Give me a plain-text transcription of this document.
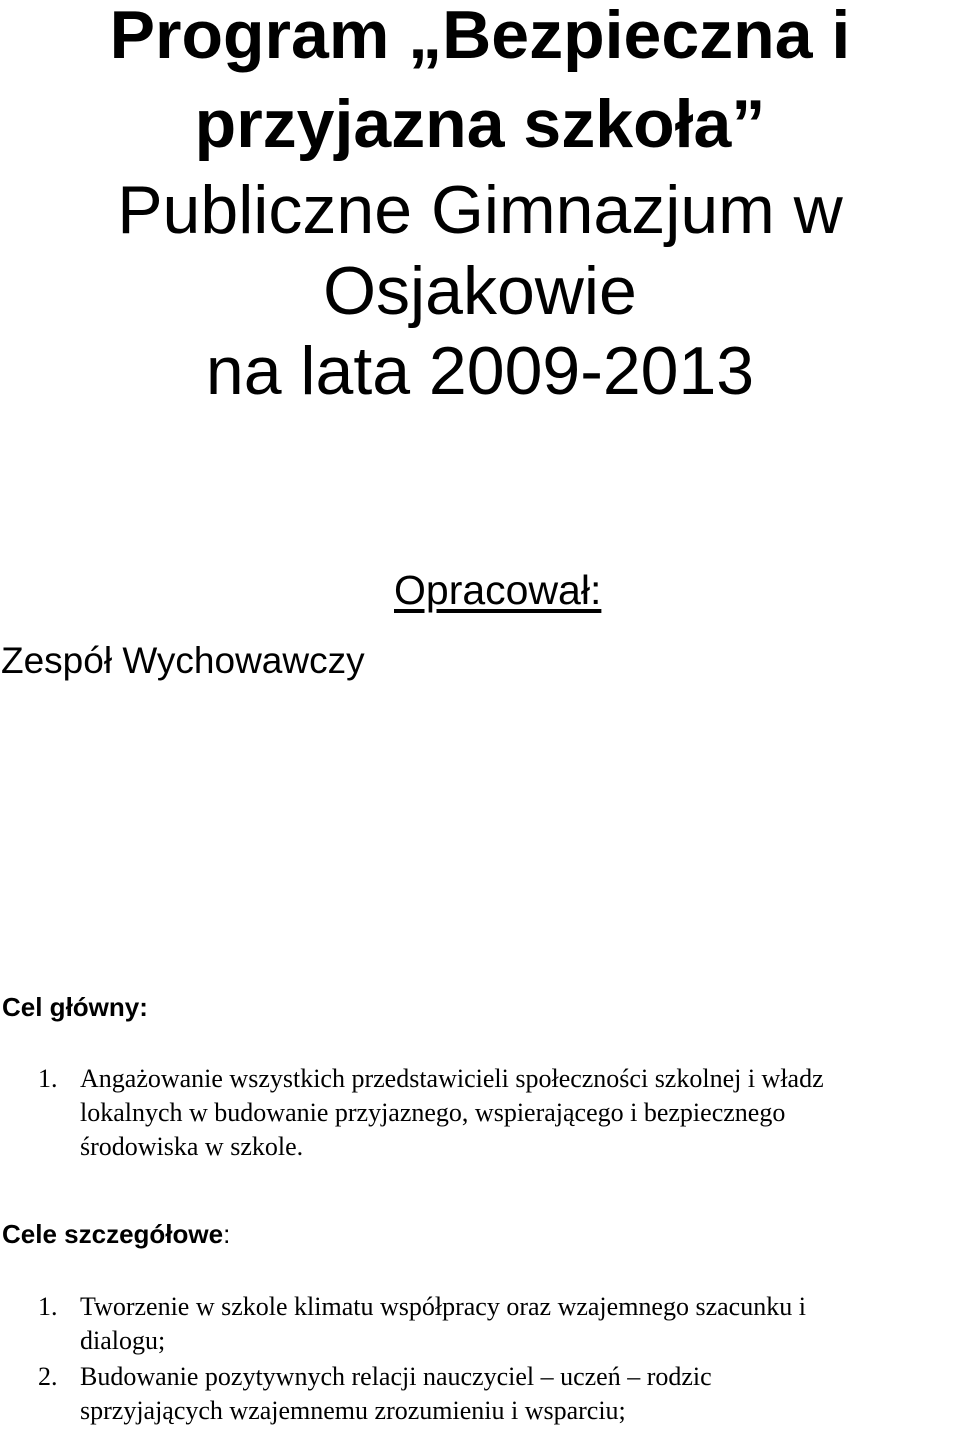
Program „Bezpieczna i
przyjazna szkoła”
Publiczne Gimnazjum w
Osjakowie
na lata 2009-2013
Opracował:
Zespół Wychowawczy
Cel główny:
1. Angażowanie wszystkich przedstawicieli społeczności szkolnej i władz
lokalnych w budowanie przyjaznego, wspierającego i bezpiecznego
środowiska w szkole.
Cele szczegółowe:
1. Tworzenie w szkole klimatu współpracy oraz wzajemnego szacunku i
dialogu;
2. Budowanie pozytywnych relacji nauczyciel – uczeń – rodzic
sprzyjających wzajemnemu zrozumieniu i wsparciu;
